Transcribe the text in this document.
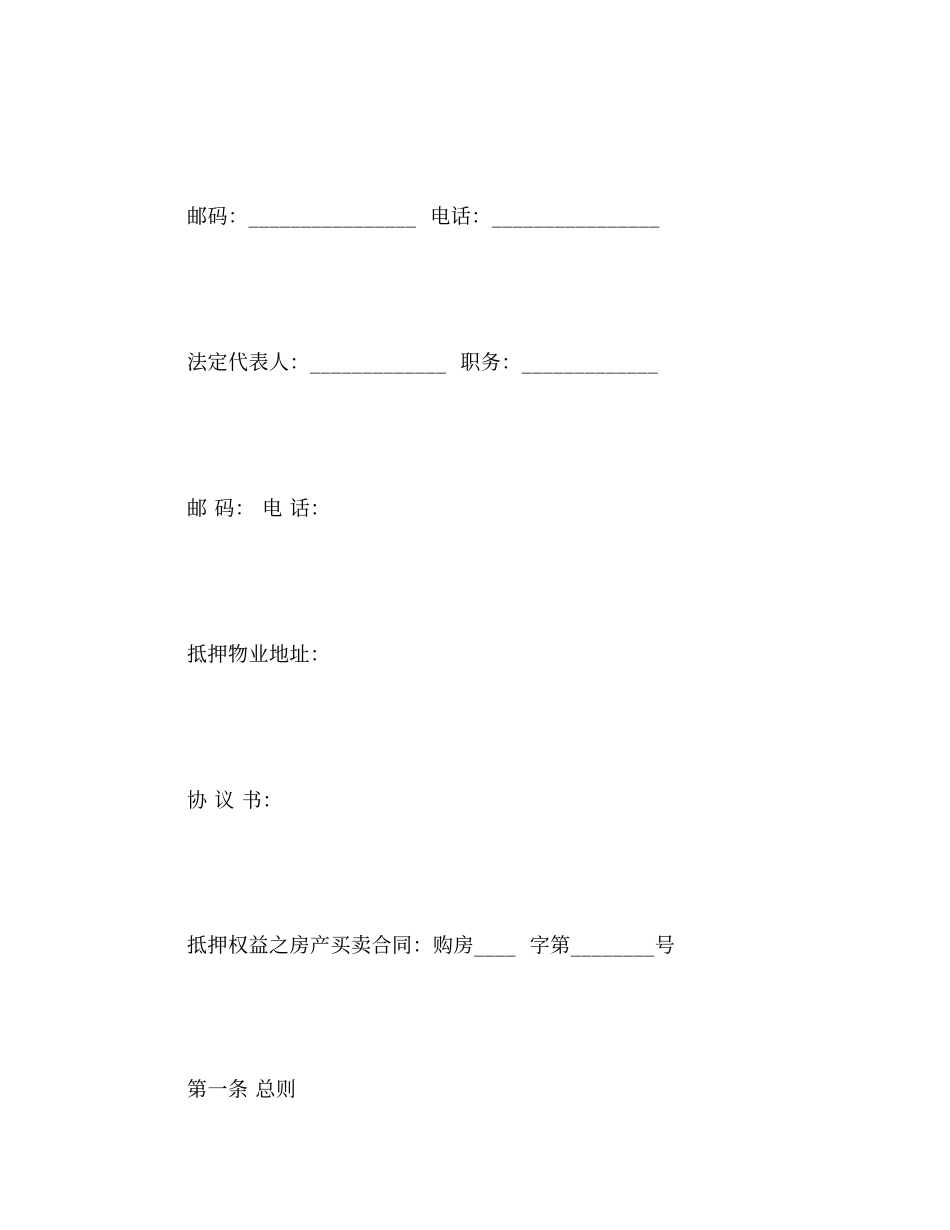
邮码：________________  电话：________________
法定代表人：_____________  职务：_____________
邮 码： 电 话：
抵押物业地址：
协 议 书：
抵押权益之房产买卖合同：购房____  字第________号
第一条 总则
